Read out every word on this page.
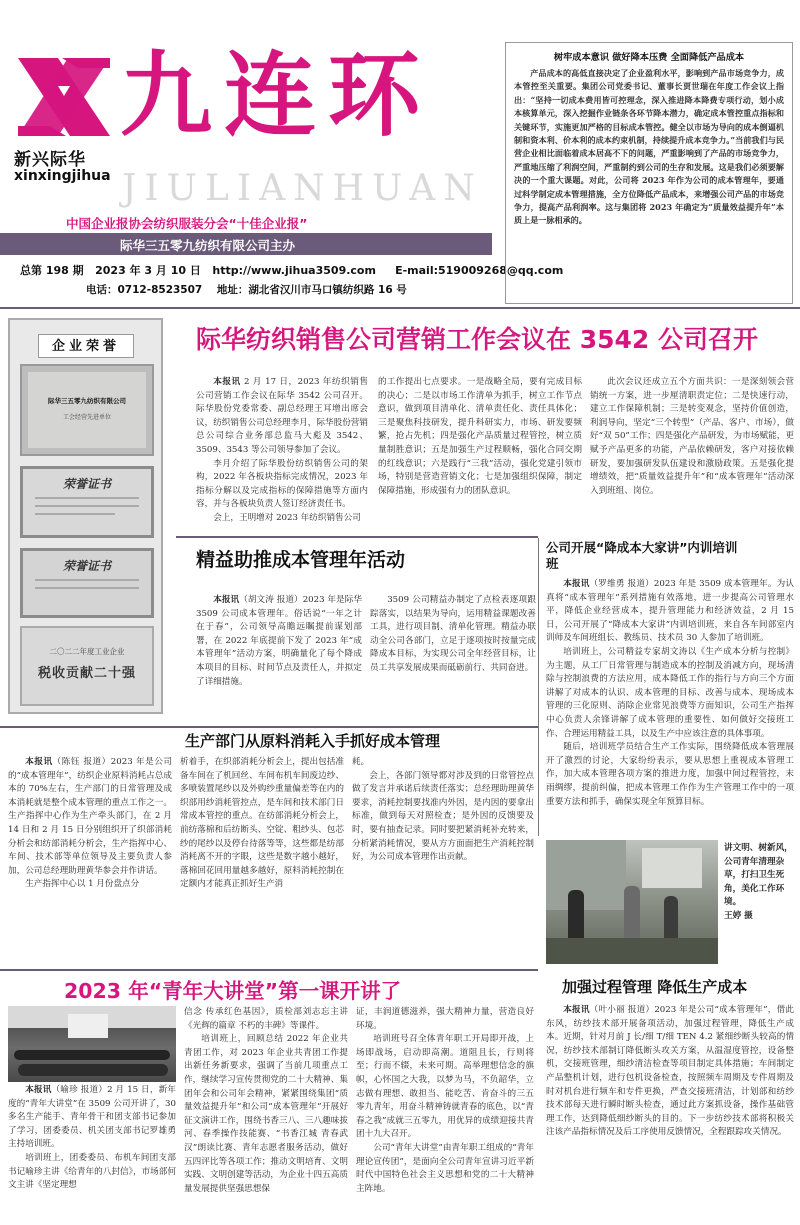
新兴际华
xinxingjihua
九连环
JIULIANHUAN
中国企业报协会纺织服装分会“十佳企业报”
际华三五零九纺织有限公司主办
总第 198 期 2023 年 3 月 10 日 http://www.jihua3509.com E-mail:519009268@qq.com
电话：0712-8523507 地址：湖北省汉川市马口镇纺织路 16 号
树牢成本意识 做好降本压费 全面降低产品成本
产品成本的高低直接决定了企业盈利水平，影响到产品市场竞争力，成本管控至关重要。集团公司党委书记、董事长贾世瑞在年度工作会议上指出：“坚持一切成本费用皆可控理念，深入推进降本降费专项行动，划小成本核算单元，深入挖掘作业链条各环节降本潜力，确定成本管控重点指标和关键环节，实施更加严格的目标成本管控。健全以市场为导向的成本倒逼机制和资本利、价本利的成本约束机制，持续提升成本竞争力。”当前我们与民营企业相比面临着成本居高不下的问题，严重影响到了产品的市场竞争力，严重地压缩了利润空间，严重制约到公司的生存和发展。这是我们必须要解决的一个重大课题。对此，公司将 2023 年作为公司的成本管理年，要通过科学制定成本管理措施，全方位降低产品成本，来增强公司产品的市场竞争力，提高产品利润率。这与集团将 2023 年确定为“质量效益提升年”本质上是一脉相承的。
企业荣誉
际华三五零九纺织有限公司
工会经营先进单位
荣誉证书
荣誉证书
二〇二二年度工业企业
税收贡献二十强
际华纺织销售公司营销工作会议在 3542 公司召开

本报讯 2 月 17 日，2023 年纺织销售公司营销工作会议在际华 3542 公司召开。际华股份党委常委、副总经理王耳增出席会议，纺织销售公司总经理李月，际华股份营销总公司综合业务部总监马大彪及 3542、3509、3543 等公司领导参加了会议。

李月介绍了际华股份纺织销售公司的架构，2022 年各板块指标完成情况，2023 年指标分解以及完成指标的保障措施等方面内容，并与各板块负责人签订经济责任书。

会上，王明增对 2023 年纺织销售公司

的工作提出七点要求。一是战略全局，要有完成目标的决心；二是以市场工作清单为抓手，树立工作节点意识，做到项目清单化、清单责任化、责任具体化；三是聚焦科技研发，提升科研实力，市场、研发要频繁，抢占先机；四是强化产品质量过程管控，树立质量制胜意识；五是加强生产过程顺畅，强化合同交期的红线意识；六是践行“三我”活动，强化党建引领市场，特别是营造营销文化；七是加强组织保障，制定保障措施，形成强有力的团队意识。

此次会议还成立五个方面共识：一是深刻领会营销统一方案，进一步厘清职责定位；二是快速行动，建立工作保障机制；三是转变观念，坚持价值创造，利润导向，坚定“三个转型”（产品、客户、市场），做好“双 50”工作；四是强化产品研发，为市场赋能，更赋予产品更多的功能，产品依赖研发，客户对接依赖研发，要加强研发队伍建设和激励政策。五是强化提增绩效，把“质量效益提升年”和“成本管理年”活动深入到班组、岗位。

精益助推成本管理年活动

本报讯（胡文涛 报道）2023 年是际华 3509 公司成本管理年。俗话说“一年之计在于春”，公司领导高瞻远瞩提前谋划部署，在 2022 年底提前下发了 2023 年“成本管理年”活动方案，明确量化了每个降成本项目的目标、时间节点及责任人，并拟定了详细措施。

3509 公司精益办制定了点检表逐项跟踪落实，以结果为导向，运用精益课题改善工具，进行项目制、清单化管理。精益办联动全公司各部门，立足于逐项按时按量完成降成本目标，为实现公司全年经营目标，让员工共享发展成果而砥砺前行、共同奋进。

公司开展“降成本大家讲”内训培训班

本报讯（罗维勇 报道）2023 年是 3509 成本管理年。为认真将“成本管理年”系列措施有效落地，进一步提高公司管理水平，降低企业经营成本，提升管理能力和经济效益，2 月 15 日，公司开展了“降成本大家讲”内训培训班，来自各车间部室内训师及车间班组长、教练员、技术员 30 人参加了培训班。

培训班上，公司精益专家胡文涛以《生产成本分析与控制》为主题，从工厂日常管理与制造成本的控制及消减方向，现场清除与控制浪费的方法应用，成本降低工作的指行与方向三个方面讲解了对成本的认识、成本管理的目标、改善与成本、现场成本管理的三化原则、消除企业常见浪费等方面知识，公司生产指挥中心负责人余锋讲解了成本管理的重要性、如何做好交接班工作、合理运用精益工具，以及生产中应该注意的具体事项。

随后，培训班学员结合生产工作实际，围绕降低成本管理展开了激烈的讨论，大家纷纷表示，要从思想上重视成本管理工作，加大成本管理各项方案的推进力度，加强中间过程管控，末雨绸缪，提前纠偏，把成本管理工作作为生产管理工作中的一项重要方法和抓手，确保实现全年预算目标。

生产部门从原料消耗入手抓好成本管理

本报讯（陈钰 报道）2023 年是公司的“成本管理年”，纺织企业原料消耗占总成本的 70%左右，生产部门的日常管理及成本消耗就是整个成本管理的重点工作之一。生产指挥中心作为生产牵头部门，在 2 月 14 日和 2 月 15 日分别组织开了织部消耗分析会和纺部消耗分析会，生产指挥中心、车间、技术部等单位领导及主要负责人参加，公司总经理助理黄华参会并作讲话。

生产指挥中心以 1 月份盘点分

析着手，在织部消耗分析会上，提出包括准备车间在了机回丝、车间布机车间废边纱、多喷装置尾纱以及外购纱重量偏差等在内的织部用纱消耗管控点，是车间和技术部门日常成本管控的重点。在纺部消耗分析会上，前纺落棉和后纺断头、空锭、粗纱头、包芯纱的尾纱以及停台待落等等，这些都是纺部消耗离不开的字眼，这些是数字越小越好，落棉回花回用量越多越好，原料消耗控制在定额内才能真正抓好生产消
耗。

会上，各部门领导都对涉及到的日常管控点做了发言并承诺后续责任落实；总经理助理黄华要求，消耗控制要找准内外因，是内因的要拿出标准，做到每天对照检查；是外因的反馈要及时，要有抽查记录。同时要把紧消耗补充转来，分析紧消耗情况，要从方方面面把生产消耗控制好，为公司成本管理作出贡献。

讲文明、树新风，公司青年清理杂草，打扫卫生死角，美化工作环境。
王婷 摄
2023 年“青年大讲堂”第一课开讲了

本报讯（喻珍 报道）2 月 15 日，新年度的“青年大讲堂”在 3509 公司开讲了，30 多名生产能手、青年骨干和团支部书记参加了学习，团委委员、机关团支部书记罗雄勇主持培训班。

培训班上，团委委员、布机车间团支部书记喻珍主讲《给青年的八封信》，市场部何文主讲《坚定理想

信念 传承红色基因》，质检部刘志忘主讲《光辉的篇章 不朽的丰碑》等课件。

培训班上，回顾总结 2022 年企业共青团工作，对 2023 年企业共青团工作提出新任务新要求，强调了当前几项重点工作，继续学习宣传贯彻党的二十大精神、集团年会和公司年会精神，紧紧围绕集团“质量效益提升年”和公司“成本管理年”开展好征文演讲工作，围绕书香三八、三八趣味拔河、春季操作技能赛、“书香江城 青春武汉”朗读比赛、青年志愿者服务活动，做好五四评比等各项工作；推动文明培育、文明实践、文明创建等活动，为企业十四五高质量发展提供坚强思想保

证，丰润道德滋养，强大精神力量，营造良好环境。

培训班号召全体青年职工开局即开战，上场即战场，启动即高潮。道阻且长，行则将至；行而不辍，未来可期。高举理想信念的旗帜，心怀国之大我，以梦为马，不负韶华，立志做有理想、敢担当、能吃苦、肯奋斗的三五零九青年，用奋斗精神铸就青春的底色，以“青春之我”成就三五零九，用优异的成绩迎接共青团十九大召开。

公司“青年大讲堂”由青年职工组成的“青年理论宣传团”，是面向全公司青年宣讲习近平新时代中国特色社会主义思想和党的二十大精神主阵地。

加强过程管理 降低生产成本

本报讯（叶小丽 报道）2023 年是公司“成本管理年”，借此东风，纺纱技术部开展备项活动，加强过程管理，降低生产成本。近期，针对月前 J 长/细 T/细 TEN 4.2 紧细纱断头较高的情况，纺纱技术部制订降低断头攻关方案，从温湿度管控，设备整机，交接班管理，细纱清洁检查等项目制定具体措施；车间制定产品整机计划，进行包机设备检查，按照频车周期及专件周期及时对机台进行频车和专件更换，严查交接班清洁，计划部和纺纱技术部每天进行瞬时断头检查，通过此方案抓设备，操作基础管理工作，达到降低细纱断头的目的。下一步纺纱技术部将积极关注该产品指标情况及后工序使用反馈情况，全程跟踪攻关情况。
